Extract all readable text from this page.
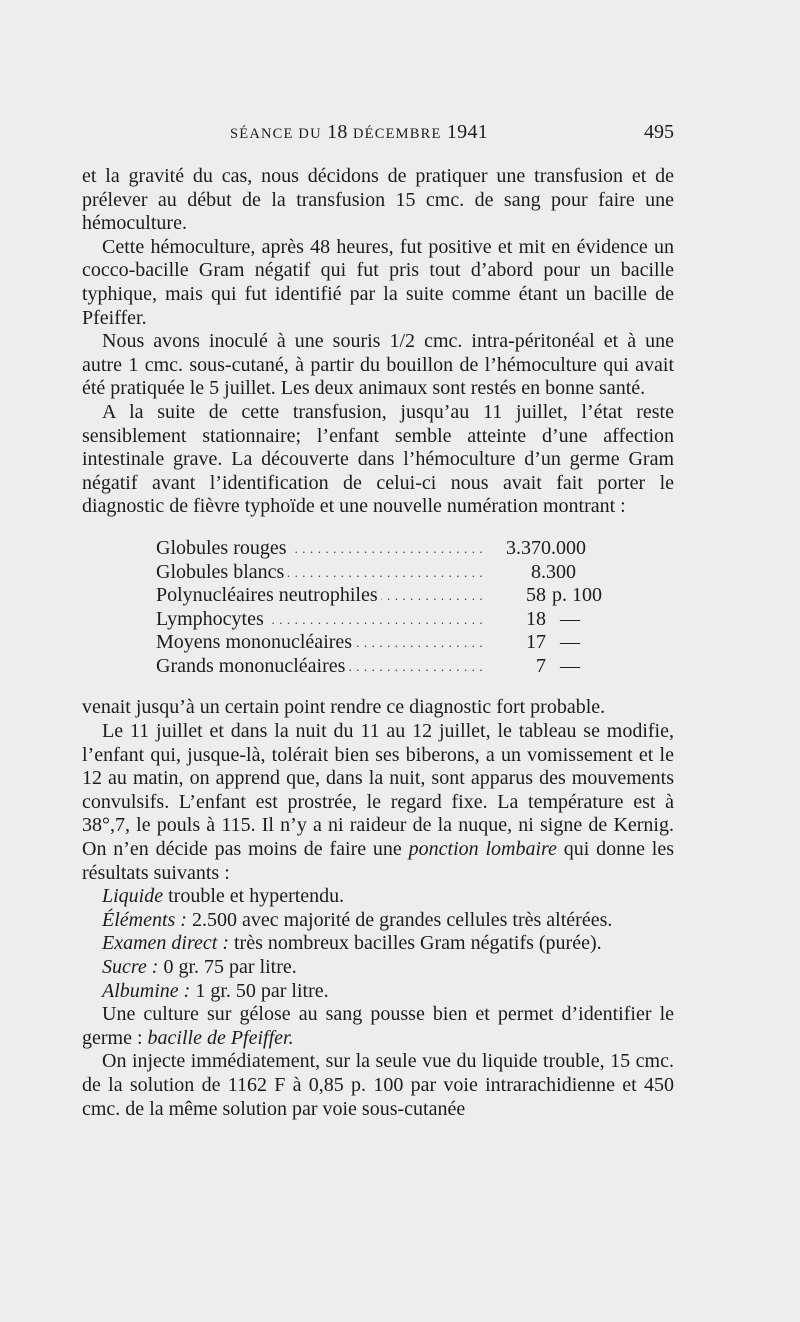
SÉANCE DU 18 DÉCEMBRE 1941	495

et la gravité du cas, nous décidons de pratiquer une transfusion et de prélever au début de la transfusion 15 cmc. de sang pour faire une hémoculture.

Cette hémoculture, après 48 heures, fut positive et mit en évidence un cocco-bacille Gram négatif qui fut pris tout d’abord pour un bacille typhique, mais qui fut identifié par la suite comme étant un bacille de Pfeiffer.

Nous avons inoculé à une souris 1/2 cmc. intra-péritonéal et à une autre 1 cmc. sous-cutané, à partir du bouillon de l’hémoculture qui avait été pratiquée le 5 juillet. Les deux animaux sont restés en bonne santé.

A la suite de cette transfusion, jusqu’au 11 juillet, l’état reste sensiblement stationnaire; l’enfant semble atteinte d’une affection intestinale grave. La découverte dans l’hémoculture d’un germe Gram négatif avant l’identification de celui-ci nous avait fait porter le diagnostic de fièvre typhoïde et une nouvelle numération montrant :

Globules rouges . . .	3.370.000
Globules blancs . . .	8.300
Polynucléaires neutrophiles . . .	58 p. 100
Lymphocytes . . .	18 —
Moyens mononucléaires . . .	17 —
Grands mononucléaires . . .	7 —

venait jusqu’à un certain point rendre ce diagnostic fort probable.

Le 11 juillet et dans la nuit du 11 au 12 juillet, le tableau se modifie, l’enfant qui, jusque-là, tolérait bien ses biberons, a un vomissement et le 12 au matin, on apprend que, dans la nuit, sont apparus des mouvements convulsifs. L’enfant est prostrée, le regard fixe. La température est à 38°,7, le pouls à 115. Il n’y a ni raideur de la nuque, ni signe de Kernig. On n’en décide pas moins de faire une ponction lombaire qui donne les résultats suivants :

Liquide trouble et hypertendu.

Éléments : 2.500 avec majorité de grandes cellules très altérées.

Examen direct : très nombreux bacilles Gram négatifs (purée).

Sucre : 0 gr. 75 par litre.

Albumine : 1 gr. 50 par litre.

Une culture sur gélose au sang pousse bien et permet d’identifier le germe : bacille de Pfeiffer.

On injecte immédiatement, sur la seule vue du liquide trouble, 15 cmc. de la solution de 1162 F à 0,85 p. 100 par voie intrarachidienne et 450 cmc. de la même solution par voie sous-cutanée
